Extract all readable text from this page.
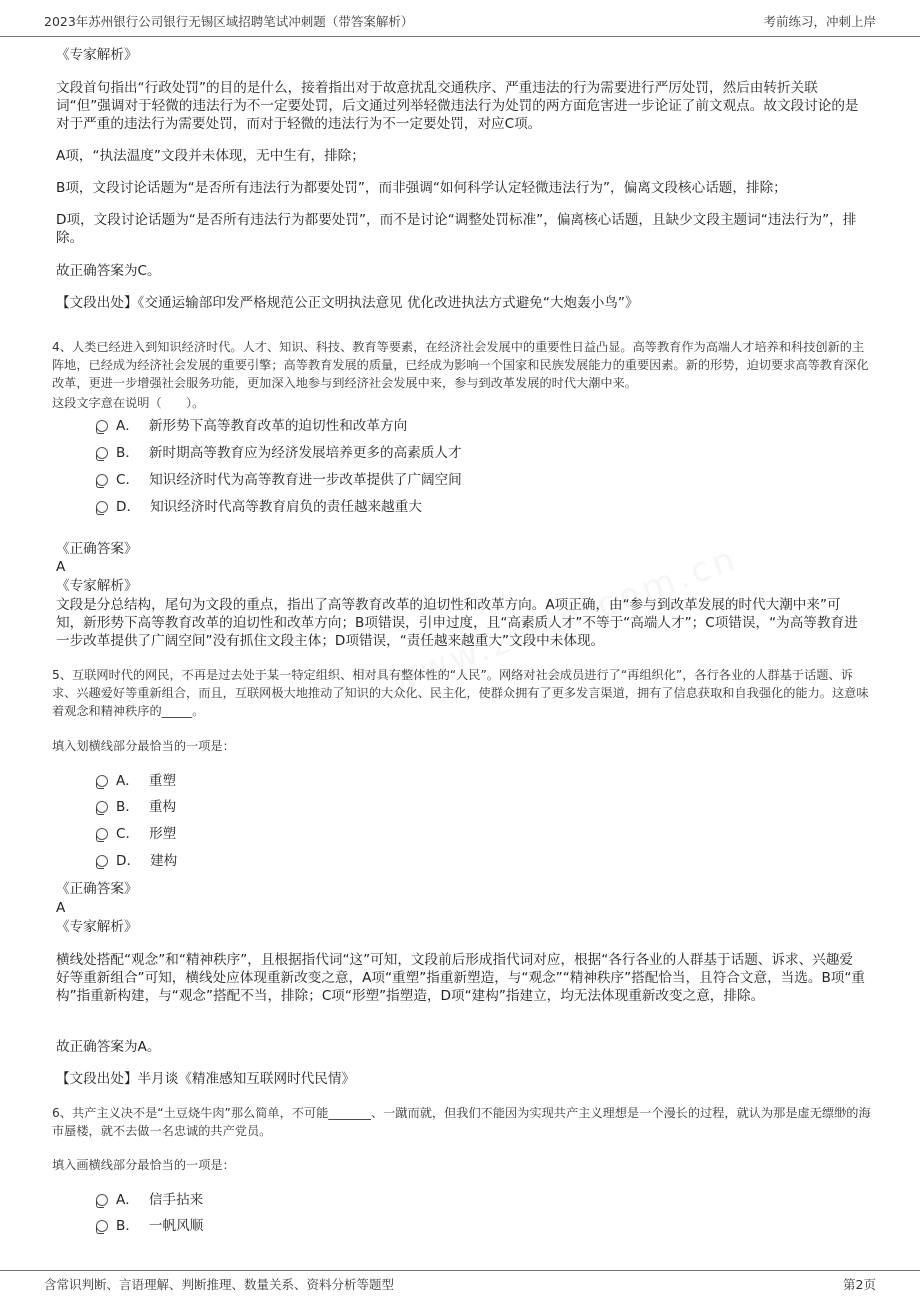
2023年苏州银行公司银行无锡区域招聘笔试冲刺题（带答案解析）	考前练习，冲刺上岸
《专家解析》
文段首句指出“行政处罚”的目的是什么，接着指出对于故意扰乱交通秩序、严重违法的行为需要进行严厉处罚，然后由转折关联词“但”强调对于轻微的违法行为不一定要处罚，后文通过列举轻微违法行为处罚的两方面危害进一步论证了前文观点。故文段讨论的是对于严重的违法行为需要处罚，而对于轻微的违法行为不一定要处罚，对应C项。
A项，“执法温度”文段并未体现，无中生有，排除；
B项，文段讨论话题为“是否所有违法行为都要处罚”，而非强调“如何科学认定轻微违法行为”，偏离文段核心话题，排除；
D项，文段讨论话题为“是否所有违法行为都要处罚”，而不是讨论“调整处罚标准”，偏离核心话题，且缺少文段主题词“违法行为”，排除。
故正确答案为C。
【文段出处】《交通运输部印发严格规范公正文明执法意见 优化改进执法方式避免“大炮轰小鸟”》
4、人类已经进入到知识经济时代。人才、知识、科技、教育等要素，在经济社会发展中的重要性日益凸显。高等教育作为高端人才培养和科技创新的主阵地，已经成为经济社会发展的重要引擎；高等教育发展的质量，已经成为影响一个国家和民族发展能力的重要因素。新的形势，迫切要求高等教育深化改革，更进一步增强社会服务功能，更加深入地参与到经济社会发展中来，参与到改革发展的时代大潮中来。
这段文字意在说明（　　）。
A． 新形势下高等教育改革的迫切性和改革方向
B． 新时期高等教育应为经济发展培养更多的高素质人才
C． 知识经济时代为高等教育进一步改革提供了广阔空间
D． 知识经济时代高等教育肩负的责任越来越重大
《正确答案》
A
《专家解析》
文段是分总结构，尾句为文段的重点，指出了高等教育改革的迫切性和改革方向。A项正确，由“参与到改革发展的时代大潮中来”可知，新形势下高等教育改革的迫切性和改革方向；B项错误，引申过度，且“高素质人才”不等于“高端人才”；C项错误，“为高等教育进一步改革提供了广阔空间”没有抓住文段主体；D项错误，“责任越来越重大”文段中未体现。
5、互联网时代的网民，不再是过去处于某一特定组织、相对具有整体性的“人民”。网络对社会成员进行了“再组织化”，各行各业的人群基于话题、诉求、兴趣爱好等重新组合，而且，互联网极大地推动了知识的大众化、民主化，使群众拥有了更多发言渠道，拥有了信息获取和自我强化的能力。这意味着观念和精神秩序的_____。
填入划横线部分最恰当的一项是：
A． 重塑
B． 重构
C． 形塑
D． 建构
《正确答案》
A
《专家解析》
横线处搭配“观念”和“精神秩序”，且根据指代词“这”可知，文段前后形成指代词对应，根据“各行各业的人群基于话题、诉求、兴趣爱好等重新组合”可知，横线处应体现重新改变之意，A项“重塑”指重新塑造，与“观念”“精神秩序”搭配恰当，且符合文意，当选。B项“重构”指重新构建，与“观念”搭配不当，排除；C项“形塑”指塑造，D项“建构”指建立，均无法体现重新改变之意，排除。
故正确答案为A。
【文段出处】半月谈《精准感知互联网时代民情》
6、共产主义决不是“土豆烧牛肉”那么简单，不可能_______、一蹴而就，但我们不能因为实现共产主义理想是一个漫长的过程，就认为那是虚无缥缈的海市蜃楼，就不去做一名忠诚的共产党员。
填入画横线部分最恰当的一项是：
A． 信手拈来
B． 一帆风顺
含常识判断、言语理解、判断推理、数量关系、资料分析等题型	第2页
